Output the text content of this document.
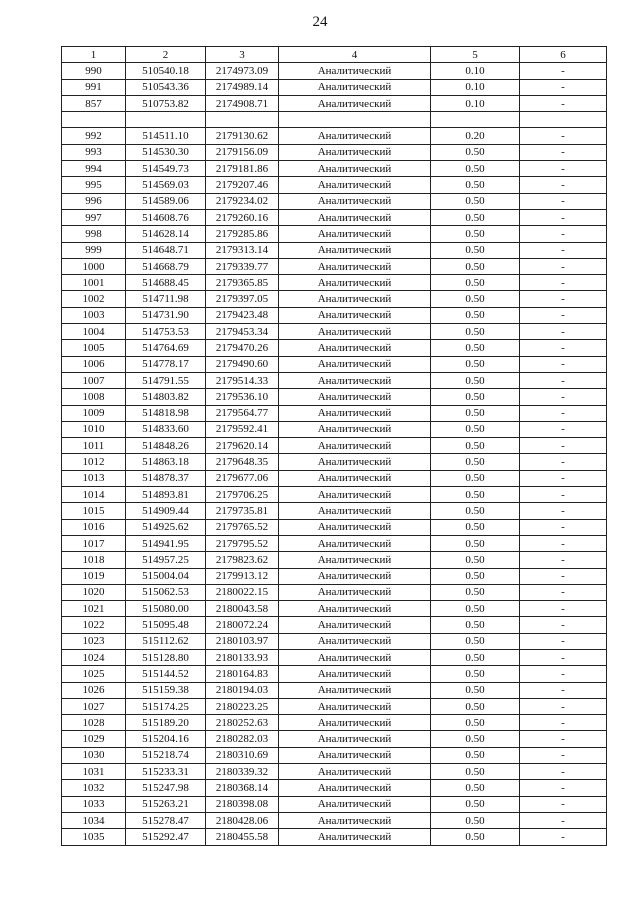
24
1	2	3	4	5	6
990	510540.18	2174973.09	Аналитический	0.10	-
991	510543.36	2174989.14	Аналитический	0.10	-
857	510753.82	2174908.71	Аналитический	0.10	-

992	514511.10	2179130.62	Аналитический	0.20	-
993	514530.30	2179156.09	Аналитический	0.50	-
994	514549.73	2179181.86	Аналитический	0.50	-
995	514569.03	2179207.46	Аналитический	0.50	-
996	514589.06	2179234.02	Аналитический	0.50	-
997	514608.76	2179260.16	Аналитический	0.50	-
998	514628.14	2179285.86	Аналитический	0.50	-
999	514648.71	2179313.14	Аналитический	0.50	-
1000	514668.79	2179339.77	Аналитический	0.50	-
1001	514688.45	2179365.85	Аналитический	0.50	-
1002	514711.98	2179397.05	Аналитический	0.50	-
1003	514731.90	2179423.48	Аналитический	0.50	-
1004	514753.53	2179453.34	Аналитический	0.50	-
1005	514764.69	2179470.26	Аналитический	0.50	-
1006	514778.17	2179490.60	Аналитический	0.50	-
1007	514791.55	2179514.33	Аналитический	0.50	-
1008	514803.82	2179536.10	Аналитический	0.50	-
1009	514818.98	2179564.77	Аналитический	0.50	-
1010	514833.60	2179592.41	Аналитический	0.50	-
1011	514848.26	2179620.14	Аналитический	0.50	-
1012	514863.18	2179648.35	Аналитический	0.50	-
1013	514878.37	2179677.06	Аналитический	0.50	-
1014	514893.81	2179706.25	Аналитический	0.50	-
1015	514909.44	2179735.81	Аналитический	0.50	-
1016	514925.62	2179765.52	Аналитический	0.50	-
1017	514941.95	2179795.52	Аналитический	0.50	-
1018	514957.25	2179823.62	Аналитический	0.50	-
1019	515004.04	2179913.12	Аналитический	0.50	-
1020	515062.53	2180022.15	Аналитический	0.50	-
1021	515080.00	2180043.58	Аналитический	0.50	-
1022	515095.48	2180072.24	Аналитический	0.50	-
1023	515112.62	2180103.97	Аналитический	0.50	-
1024	515128.80	2180133.93	Аналитический	0.50	-
1025	515144.52	2180164.83	Аналитический	0.50	-
1026	515159.38	2180194.03	Аналитический	0.50	-
1027	515174.25	2180223.25	Аналитический	0.50	-
1028	515189.20	2180252.63	Аналитический	0.50	-
1029	515204.16	2180282.03	Аналитический	0.50	-
1030	515218.74	2180310.69	Аналитический	0.50	-
1031	515233.31	2180339.32	Аналитический	0.50	-
1032	515247.98	2180368.14	Аналитический	0.50	-
1033	515263.21	2180398.08	Аналитический	0.50	-
1034	515278.47	2180428.06	Аналитический	0.50	-
1035	515292.47	2180455.58	Аналитический	0.50	-
